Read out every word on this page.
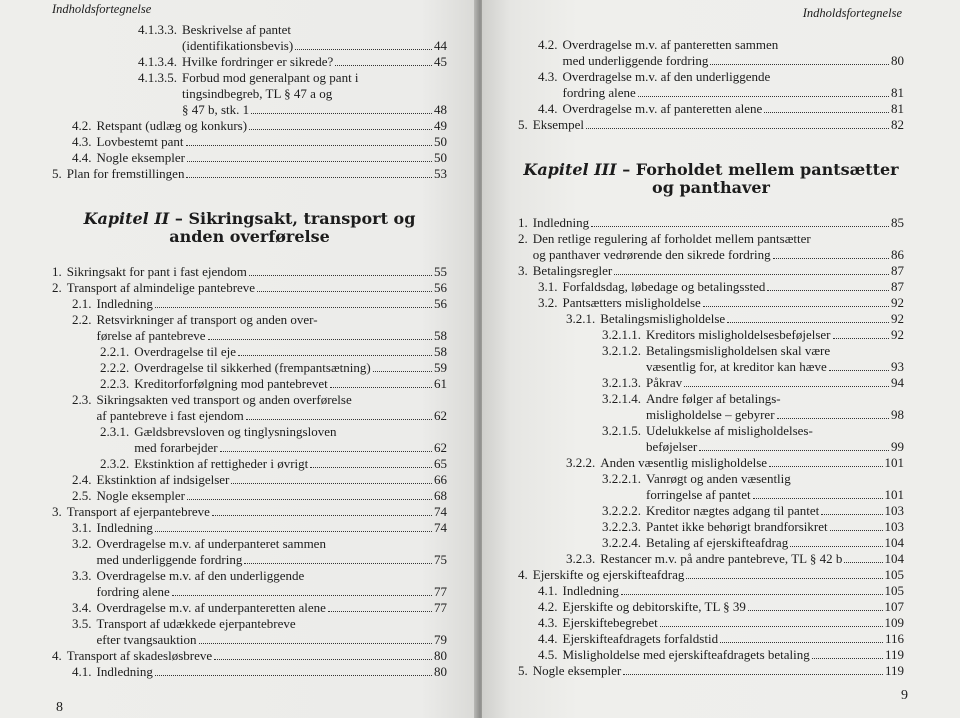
Indholdsfortegnelse
4.1.3.3. Beskrivelse af pantet
(identifikationsbevis)	44
4.1.3.4. Hvilke fordringer er sikrede?	45
4.1.3.5. Forbud mod generalpant og pant i
tingsindbegreb, TL § 47 a og
§ 47 b, stk. 1	48
4.2. Retspant (udlæg og konkurs)	49
4.3. Lovbestemt pant	50
4.4. Nogle eksempler	50
5. Plan for fremstillingen	53
Kapitel II – Sikringsakt, transport og
anden overførelse
1. Sikringsakt for pant i fast ejendom	55
2. Transport af almindelige pantebreve	56
2.1. Indledning	56
2.2. Retsvirkninger af transport og anden over-
førelse af pantebreve	58
2.2.1. Overdragelse til eje	58
2.2.2. Overdragelse til sikkerhed (frempantsætning)	59
2.2.3. Kreditorforfølgning mod pantebrevet	61
2.3. Sikringsakten ved transport og anden overførelse
af pantebreve i fast ejendom	62
2.3.1. Gældsbrevsloven og tinglysningsloven
med forarbejder	62
2.3.2. Ekstinktion af rettigheder i øvrigt	65
2.4. Ekstinktion af indsigelser	66
2.5. Nogle eksempler	68
3. Transport af ejerpantebreve	74
3.1. Indledning	74
3.2. Overdragelse m.v. af underpanteret sammen
med underliggende fordring	75
3.3. Overdragelse m.v. af den underliggende
fordring alene	77
3.4. Overdragelse m.v. af underpanteretten alene	77
3.5. Transport af udækkede ejerpantebreve
efter tvangsauktion	79
4. Transport af skadesløsbreve	80
4.1. Indledning	80
8
Indholdsfortegnelse
4.2. Overdragelse m.v. af panteretten sammen
med underliggende fordring	80
4.3. Overdragelse m.v. af den underliggende
fordring alene	81
4.4. Overdragelse m.v. af panteretten alene	81
5. Eksempel	82
Kapitel III – Forholdet mellem pantsætter
og panthaver
1. Indledning	85
2. Den retlige regulering af forholdet mellem pantsætter
og panthaver vedrørende den sikrede fordring	86
3. Betalingsregler	87
3.1. Forfaldsdag, løbedage og betalingssted	87
3.2. Pantsætters misligholdelse	92
3.2.1. Betalingsmisligholdelse	92
3.2.1.1. Kreditors misligholdelsesbeføjelser	92
3.2.1.2. Betalingsmisligholdelsen skal være
væsentlig for, at kreditor kan hæve	93
3.2.1.3. Påkrav	94
3.2.1.4. Andre følger af betalings-
misligholdelse – gebyrer	98
3.2.1.5. Udelukkelse af misligholdelses-
beføjelser	99
3.2.2. Anden væsentlig misligholdelse	101
3.2.2.1. Vanrøgt og anden væsentlig
forringelse af pantet	101
3.2.2.2. Kreditor nægtes adgang til pantet	103
3.2.2.3. Pantet ikke behørigt brandforsikret	103
3.2.2.4. Betaling af ejerskifteafdrag	104
3.2.3. Restancer m.v. på andre pantebreve, TL § 42 b	104
4. Ejerskifte og ejerskifteafdrag	105
4.1. Indledning	105
4.2. Ejerskifte og debitorskifte, TL § 39	107
4.3. Ejerskiftebegrebet	109
4.4. Ejerskifteafdragets forfaldstid	116
4.5. Misligholdelse med ejerskifteafdragets betaling	119
5. Nogle eksempler	119
9
